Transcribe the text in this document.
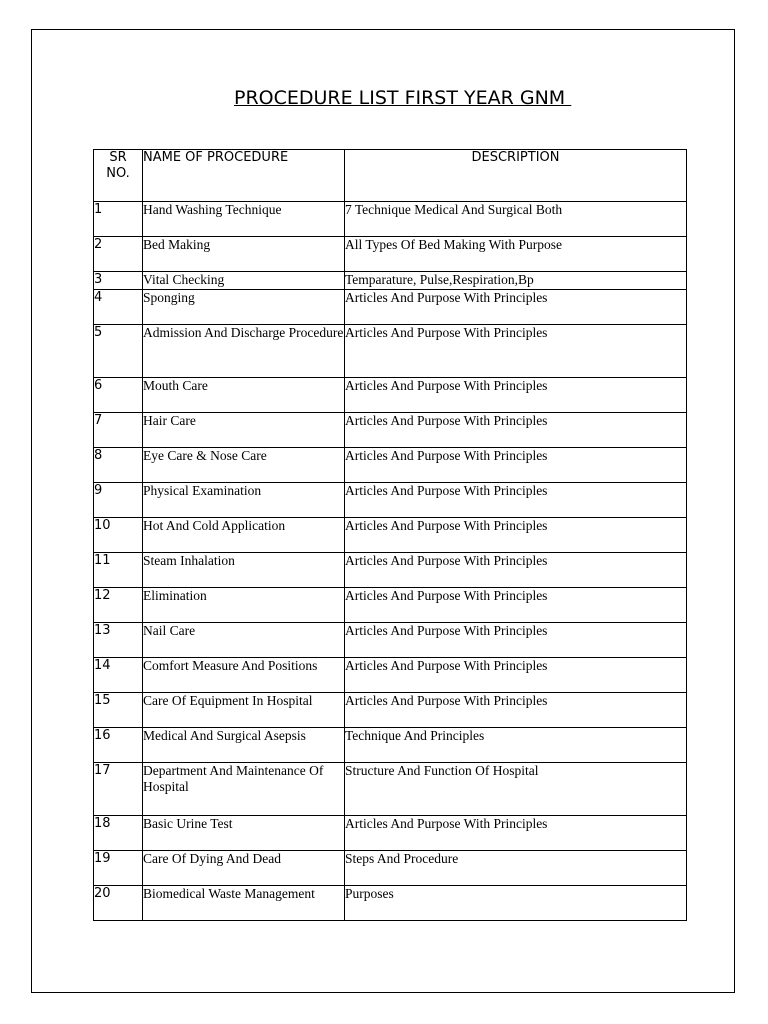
PROCEDURE LIST FIRST YEAR GNM
SR
NO.	NAME OF PROCEDURE	DESCRIPTION
1	Hand Washing Technique	7 Technique Medical And Surgical Both
2	Bed Making	All Types Of Bed Making With Purpose
3	Vital Checking	Temparature, Pulse,Respiration,Bp
4	Sponging	Articles And Purpose With Principles
5	Admission And Discharge Procedure	Articles And Purpose With Principles
6	Mouth Care	Articles And Purpose With Principles
7	Hair Care	Articles And Purpose With Principles
8	Eye Care & Nose Care	Articles And Purpose With Principles
9	Physical Examination	Articles And Purpose With Principles
10	Hot And Cold Application	Articles And Purpose With Principles
11	Steam Inhalation	Articles And Purpose With Principles
12	Elimination	Articles And Purpose With Principles
13	Nail Care	Articles And Purpose With Principles
14	Comfort Measure And Positions	Articles And Purpose With Principles
15	Care Of Equipment In Hospital	Articles And Purpose With Principles
16	Medical And Surgical Asepsis	Technique And Principles
17	Department And Maintenance Of Hospital	Structure And Function Of Hospital
18	Basic Urine Test	Articles And Purpose With Principles
19	Care Of Dying And Dead	Steps And Procedure
20	Biomedical Waste Management	Purposes
